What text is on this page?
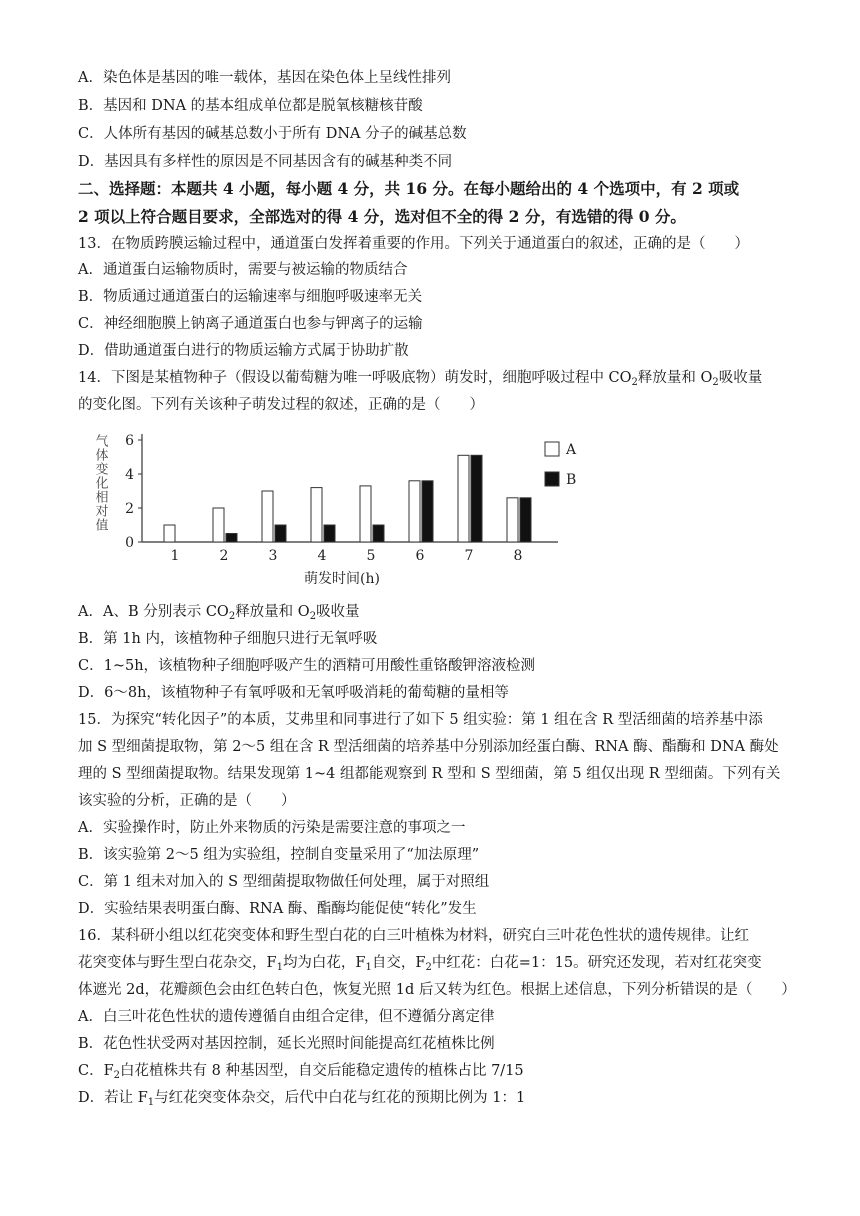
A．染色体是基因的唯一载体，基因在染色体上呈线性排列
B．基因和 DNA 的基本组成单位都是脱氧核糖核苷酸
C．人体所有基因的碱基总数小于所有 DNA 分子的碱基总数
D．基因具有多样性的原因是不同基因含有的碱基种类不同
二、选择题：本题共 4 小题，每小题 4 分，共 16 分。在每小题给出的 4 个选项中，有 2 项或
2 项以上符合题目要求，全部选对的得 4 分，选对但不全的得 2 分，有选错的得 0 分。
13．在物质跨膜运输过程中，通道蛋白发挥着重要的作用。下列关于通道蛋白的叙述，正确的是（　　）
A．通道蛋白运输物质时，需要与被运输的物质结合
B．物质通过通道蛋白的运输速率与细胞呼吸速率无关
C．神经细胞膜上钠离子通道蛋白也参与钾离子的运输
D．借助通道蛋白进行的物质运输方式属于协助扩散
14．下图是某植物种子（假设以葡萄糖为唯一呼吸底物）萌发时，细胞呼吸过程中 $CO_2$释放量和 $O_2$吸收量
的变化图。下列有关该种子萌发过程的叙述，正确的是（　　）
气体变化相对值
0
2
4
6
1	2	3	4	5	6	7	8
萌发时间(h)
A
B
A．A、B 分别表示 $CO_2$释放量和 $O_2$吸收量
B．第 1h 内，该植物种子细胞只进行无氧呼吸
C．1~5h，该植物种子细胞呼吸产生的酒精可用酸性重铬酸钾溶液检测
D．6～8h，该植物种子有氧呼吸和无氧呼吸消耗的葡萄糖的量相等
15．为探究“转化因子”的本质，艾弗里和同事进行了如下 5 组实验：第 1 组在含 R 型活细菌的培养基中添
加 S 型细菌提取物，第 2～5 组在含 R 型活细菌的培养基中分别添加经蛋白酶、RNA 酶、酯酶和 DNA 酶处
理的 S 型细菌提取物。结果发现第 1~4 组都能观察到 R 型和 S 型细菌，第 5 组仅出现 R 型细菌。下列有关
该实验的分析，正确的是（　　）
A．实验操作时，防止外来物质的污染是需要注意的事项之一
B．该实验第 2～5 组为实验组，控制自变量采用了“加法原理”
C．第 1 组未对加入的 S 型细菌提取物做任何处理，属于对照组
D．实验结果表明蛋白酶、RNA 酶、酯酶均能促使“转化”发生
16．某科研小组以红花突变体和野生型白花的白三叶植株为材料，研究白三叶花色性状的遗传规律。让红
花突变体与野生型白花杂交，$F_1$均为白花，$F_1$自交，$F_2$中红花：白花=1：15。研究还发现，若对红花突变
体遮光 2d，花瓣颜色会由红色转白色，恢复光照 1d 后又转为红色。根据上述信息，下列分析错误的是（　　）
A．白三叶花色性状的遗传遵循自由组合定律，但不遵循分离定律
B．花色性状受两对基因控制，延长光照时间能提高红花植株比例
C．$F_2$白花植株共有 8 种基因型，自交后能稳定遗传的植株占比 7/15
D．若让 $F_1$与红花突变体杂交，后代中白花与红花的预期比例为 1：1
